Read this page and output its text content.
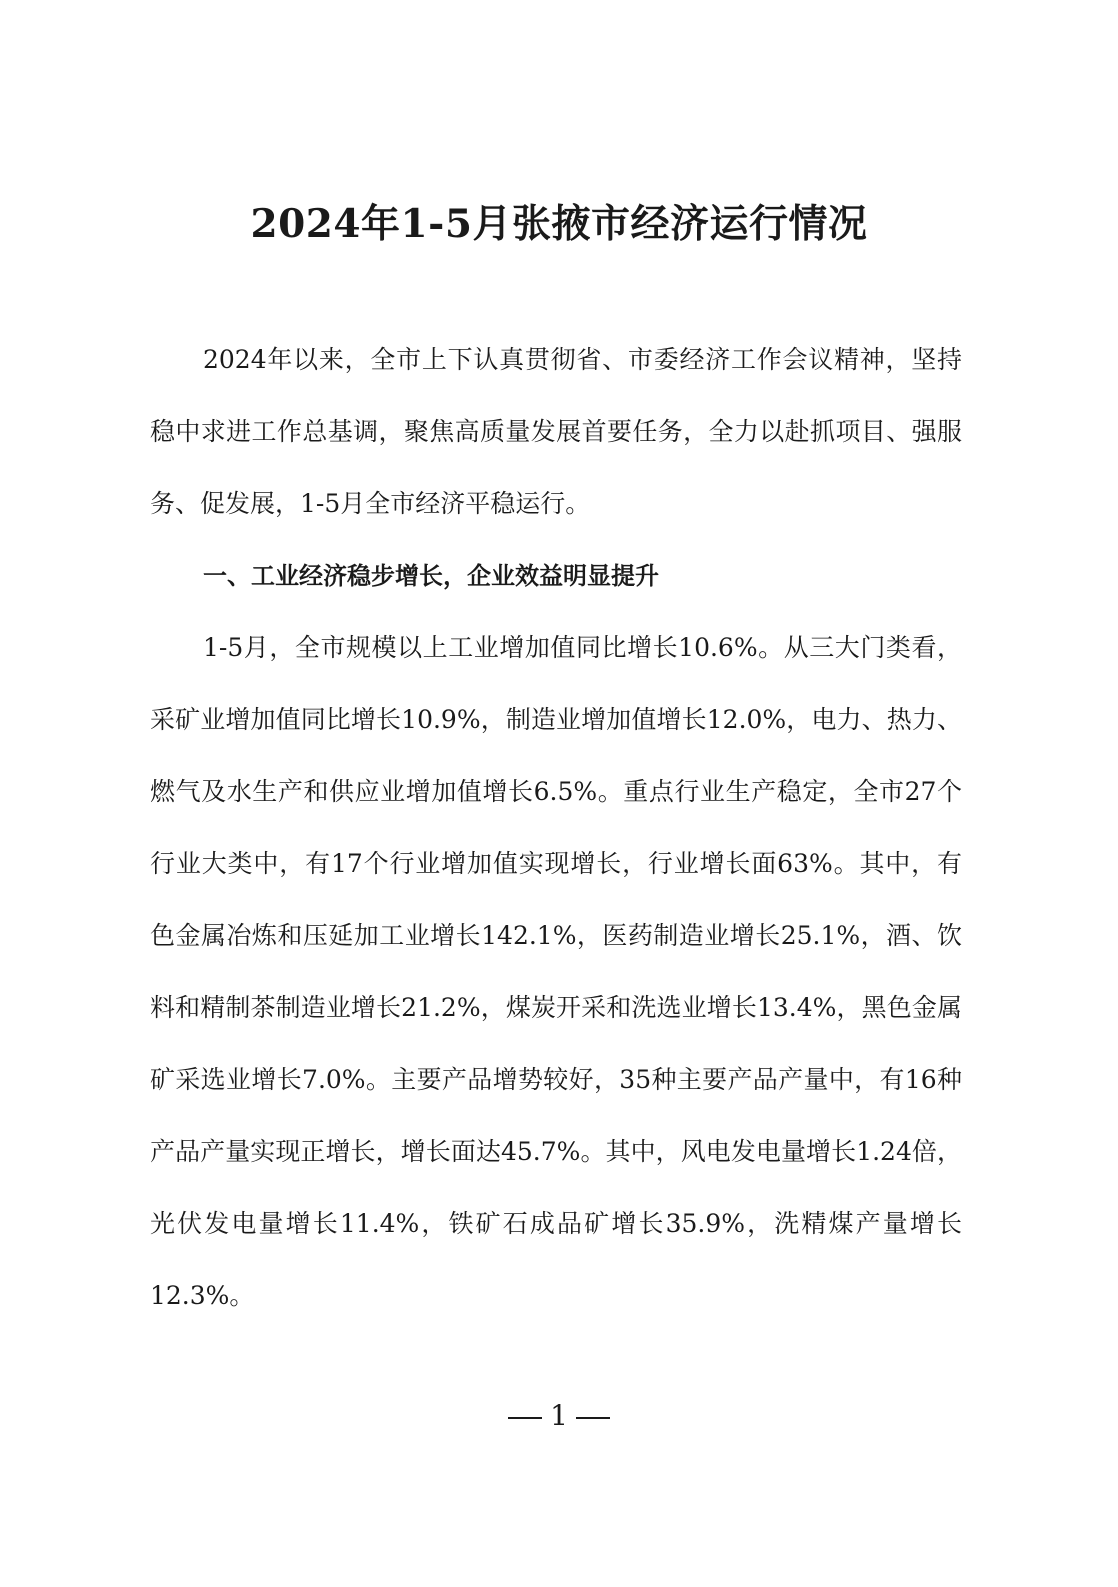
2024年1-5月张掖市经济运行情况

2024年以来，全市上下认真贯彻省、市委经济工作会议精神，坚持稳中求进工作总基调，聚焦高质量发展首要任务，全力以赴抓项目、强服务、促发展，1-5月全市经济平稳运行。

一、工业经济稳步增长，企业效益明显提升

1-5月，全市规模以上工业增加值同比增长10.6%。从三大门类看，采矿业增加值同比增长10.9%，制造业增加值增长12.0%，电力、热力、燃气及水生产和供应业增加值增长6.5%。重点行业生产稳定，全市27个行业大类中，有17个行业增加值实现增长，行业增长面63%。其中，有色金属冶炼和压延加工业增长142.1%，医药制造业增长25.1%，酒、饮料和精制茶制造业增长21.2%，煤炭开采和洗选业增长13.4%，黑色金属矿采选业增长7.0%。主要产品增势较好，35种主要产品产量中，有16种产品产量实现正增长，增长面达45.7%。其中，风电发电量增长1.24倍，光伏发电量增长11.4%，铁矿石成品矿增长35.9%，洗精煤产量增长12.3%。

1
